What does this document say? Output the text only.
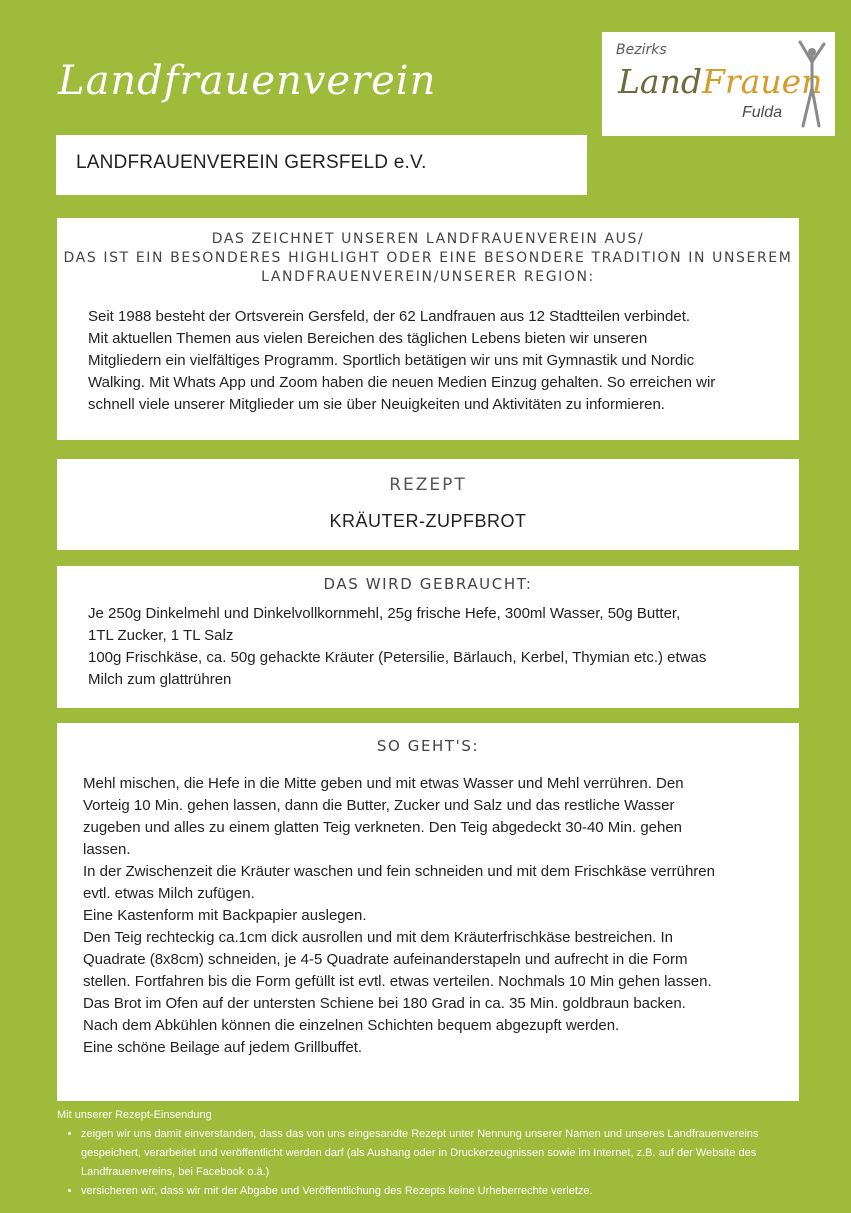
Landfrauenverein
Bezirks
LandFrauen
Fulda
LANDFRAUENVEREIN GERSFELD e.V.
DAS ZEICHNET UNSEREN LANDFRAUENVEREIN AUS/
DAS IST EIN BESONDERES HIGHLIGHT ODER EINE BESONDERE TRADITION IN UNSEREM
LANDFRAUENVEREIN/UNSERER REGION:
Seit 1988 besteht der Ortsverein Gersfeld, der 62 Landfrauen aus 12 Stadtteilen verbindet.
Mit aktuellen Themen aus vielen Bereichen des täglichen Lebens bieten wir unseren
Mitgliedern ein vielfältiges Programm. Sportlich betätigen wir uns mit Gymnastik und Nordic
Walking. Mit Whats App und Zoom haben die neuen Medien Einzug gehalten. So erreichen wir
schnell viele unserer Mitglieder um sie über Neuigkeiten und Aktivitäten zu informieren.
REZEPT
KRÄUTER-ZUPFBROT
DAS WIRD GEBRAUCHT:
Je 250g Dinkelmehl und Dinkelvollkornmehl, 25g frische Hefe, 300ml Wasser, 50g Butter,
1TL Zucker, 1 TL Salz
100g Frischkäse, ca. 50g gehackte Kräuter (Petersilie, Bärlauch, Kerbel, Thymian etc.) etwas
Milch zum glattrühren
SO GEHT'S:
Mehl mischen, die Hefe in die Mitte geben und mit etwas Wasser und Mehl verrühren. Den
Vorteig 10 Min. gehen lassen, dann die Butter, Zucker und Salz und das restliche Wasser
zugeben und alles zu einem glatten Teig verkneten. Den Teig abgedeckt 30-40 Min. gehen
lassen.
In der Zwischenzeit die Kräuter waschen und fein schneiden und mit dem Frischkäse verrühren
evtl. etwas Milch zufügen.
Eine Kastenform mit Backpapier auslegen.
Den Teig rechteckig ca.1cm dick ausrollen und mit dem Kräuterfrischkäse bestreichen. In
Quadrate (8x8cm) schneiden, je 4-5 Quadrate aufeinanderstapeln und aufrecht in die Form
stellen. Fortfahren bis die Form gefüllt ist evtl. etwas verteilen. Nochmals 10 Min gehen lassen.
Das Brot im Ofen auf der untersten Schiene bei 180 Grad in ca. 35 Min. goldbraun backen.
Nach dem Abkühlen können die einzelnen Schichten bequem abgezupft werden.
Eine schöne Beilage auf jedem Grillbuffet.
Mit unserer Rezept-Einsendung
• zeigen wir uns damit einverstanden, dass das von uns eingesandte Rezept unter Nennung unserer Namen und unseres Landfrauenvereins gespeichert, verarbeitet und veröffentlicht werden darf (als Aushang oder in Druckerzeugnissen sowie im Internet, z.B. auf der Website des Landfrauenvereins, bei Facebook o.ä.)
• versicheren wir, dass wir mit der Abgabe und Veröffentlichung des Rezepts keine Urheberrechte verletze.
